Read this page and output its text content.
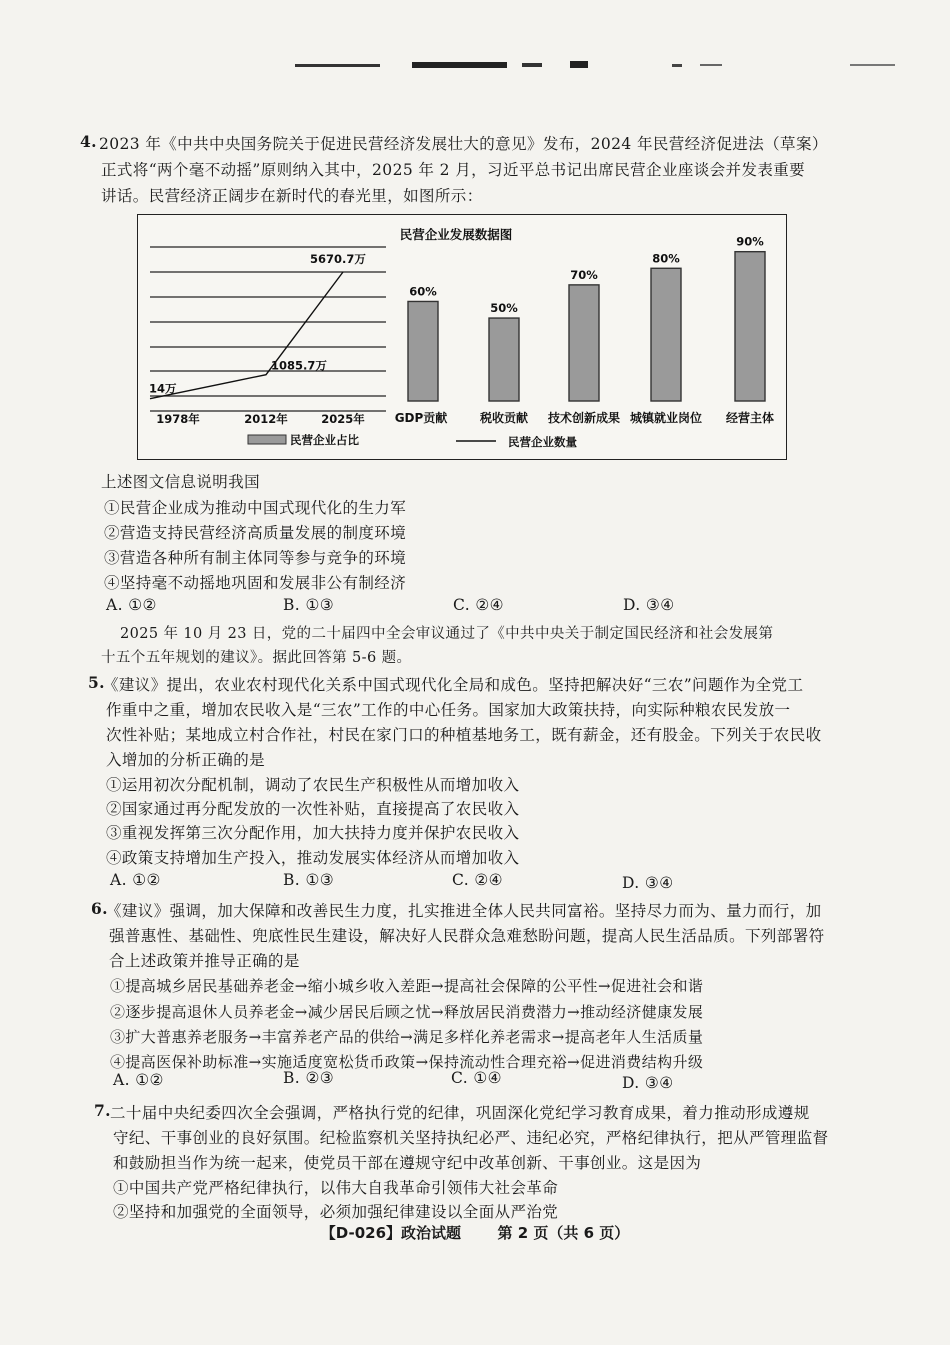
4. 2023 年《中共中央国务院关于促进民营经济发展壮大的意见》发布，2024 年民营经济促进法（草案）
正式将“两个毫不动摇”原则纳入其中，2025 年 2 月，习近平总书记出席民营企业座谈会并发表重要
讲话。民营经济正阔步在新时代的春光里，如图所示：
民营企业发展数据图
14万
1085.7万
5670.7万
1978年	2012年	2025年
60%
GDP贡献
50%
税收贡献
70%
技术创新成果
80%
城镇就业岗位
90%
经营主体
民营企业占比	民营企业数量
上述图文信息说明我国
①民营企业成为推动中国式现代化的生力军
②营造支持民营经济高质量发展的制度环境
③营造各种所有制主体同等参与竞争的环境
④坚持毫不动摇地巩固和发展非公有制经济
A. ①②	B. ①③	C. ②④	D. ③④
2025 年 10 月 23 日，党的二十届四中全会审议通过了《中共中央关于制定国民经济和社会发展第
十五个五年规划的建议》。据此回答第 5-6 题。
5.
《建议》提出，农业农村现代化关系中国式现代化全局和成色。坚持把解决好“三农”问题作为全党工
作重中之重，增加农民收入是“三农”工作的中心任务。国家加大政策扶持，向实际种粮农民发放一
次性补贴；某地成立村合作社，村民在家门口的种植基地务工，既有薪金，还有股金。下列关于农民收
入增加的分析正确的是
①运用初次分配机制，调动了农民生产积极性从而增加收入
②国家通过再分配发放的一次性补贴，直接提高了农民收入
③重视发挥第三次分配作用，加大扶持力度并保护农民收入
④政策支持增加生产投入，推动发展实体经济从而增加收入
A. ①②	B. ①③	C. ②④	D. ③④
6.
《建议》强调，加大保障和改善民生力度，扎实推进全体人民共同富裕。坚持尽力而为、量力而行，加
强普惠性、基础性、兜底性民生建设，解决好人民群众急难愁盼问题，提高人民生活品质。下列部署符
合上述政策并推导正确的是
①提高城乡居民基础养老金→缩小城乡收入差距→提高社会保障的公平性→促进社会和谐
②逐步提高退休人员养老金→减少居民后顾之忧→释放居民消费潜力→推动经济健康发展
③扩大普惠养老服务→丰富养老产品的供给→满足多样化养老需求→提高老年人生活质量
④提高医保补助标准→实施适度宽松货币政策→保持流动性合理充裕→促进消费结构升级
A. ①②	B. ②③	C. ①④	D. ③④
7. 二十届中央纪委四次全会强调，严格执行党的纪律，巩固深化党纪学习教育成果，着力推动形成遵规
守纪、干事创业的良好氛围。纪检监察机关坚持执纪必严、违纪必究，严格纪律执行，把从严管理监督
和鼓励担当作为统一起来，使党员干部在遵规守纪中改革创新、干事创业。这是因为
①中国共产党严格纪律执行，以伟大自我革命引领伟大社会革命
②坚持和加强党的全面领导，必须加强纪律建设以全面从严治党
【D-026】政治试题 第 2 页（共 6 页）
